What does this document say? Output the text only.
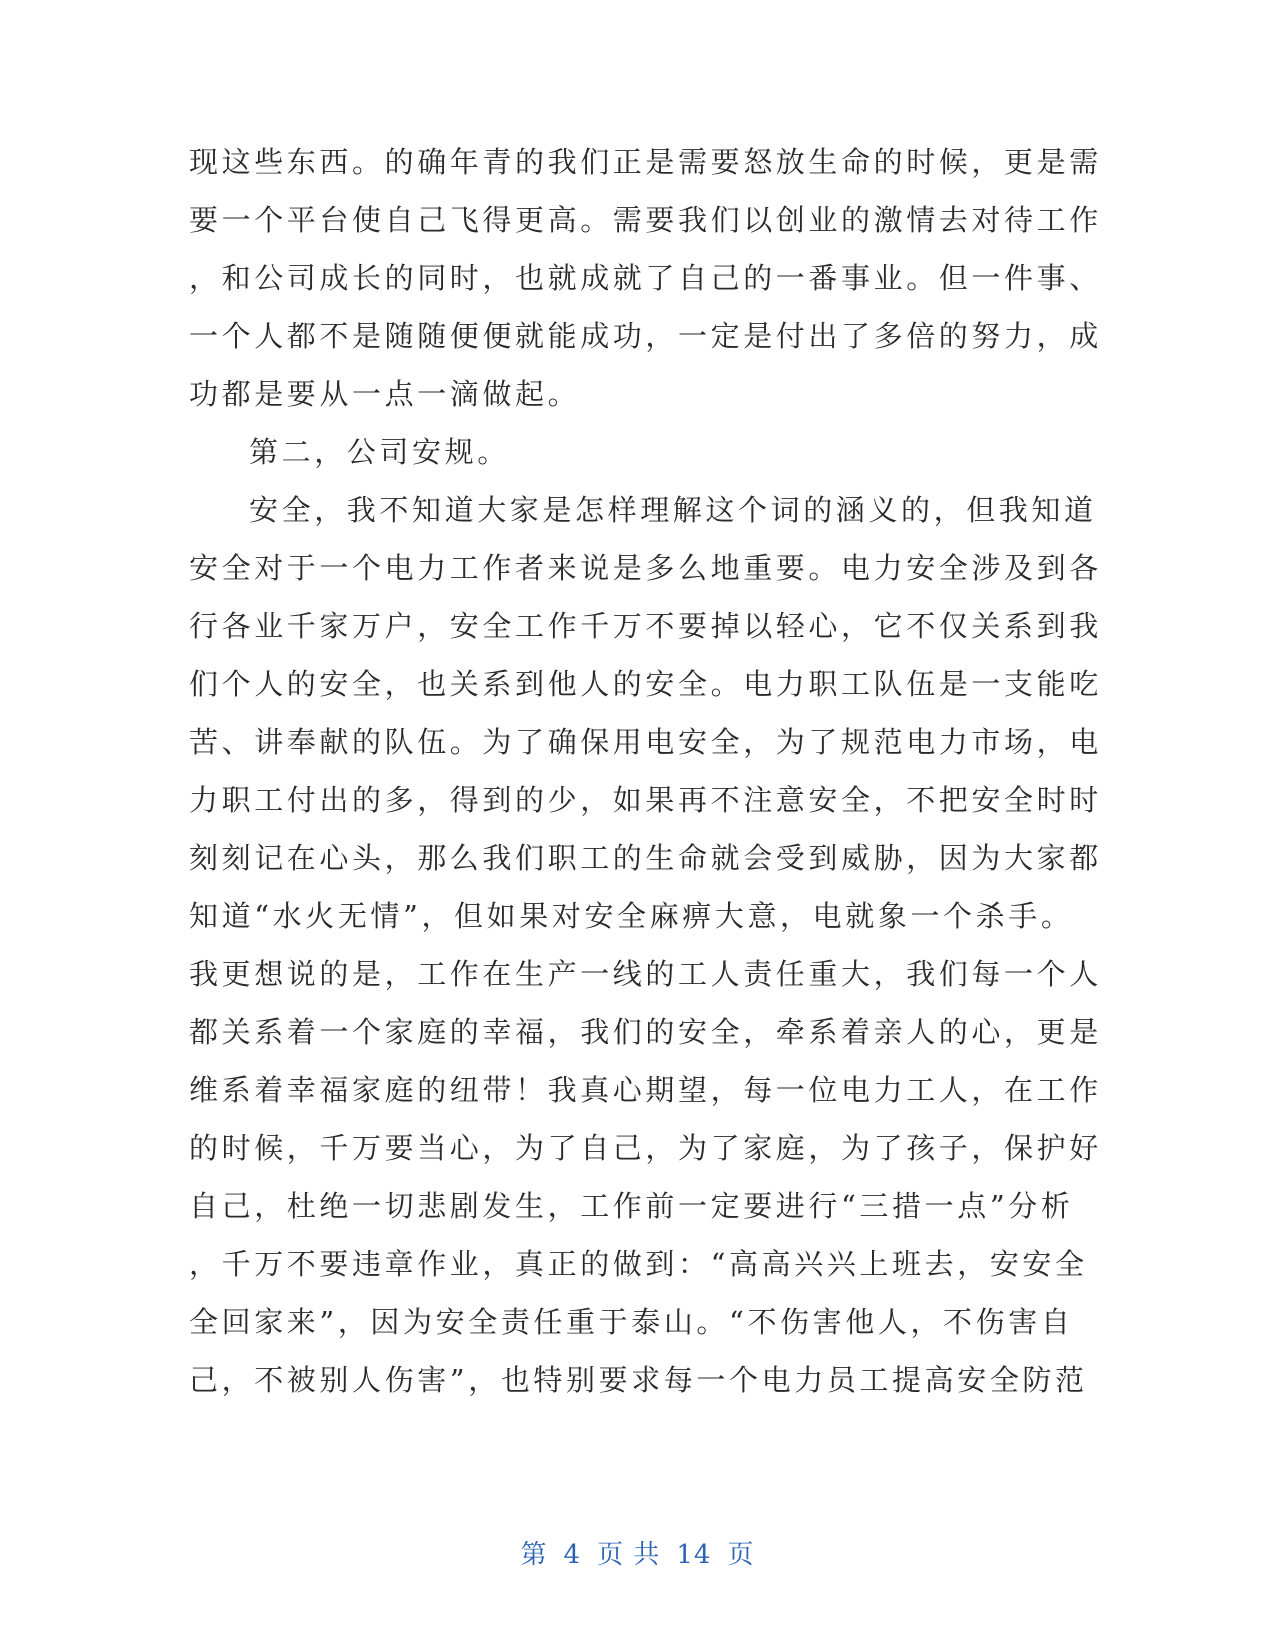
现这些东西。的确年青的我们正是需要怒放生命的时候，更是需
要一个平台使自己飞得更高。需要我们以创业的激情去对待工作
，和公司成长的同时，也就成就了自己的一番事业。但一件事、
一个人都不是随随便便就能成功，一定是付出了多倍的努力，成
功都是要从一点一滴做起。
第二，公司安规。
安全，我不知道大家是怎样理解这个词的涵义的，但我知道
安全对于一个电力工作者来说是多么地重要。电力安全涉及到各
行各业千家万户，安全工作千万不要掉以轻心，它不仅关系到我
们个人的安全，也关系到他人的安全。电力职工队伍是一支能吃
苦、讲奉献的队伍。为了确保用电安全，为了规范电力市场，电
力职工付出的多，得到的少，如果再不注意安全，不把安全时时
刻刻记在心头，那么我们职工的生命就会受到威胁，因为大家都
知道“水火无情”，但如果对安全麻痹大意，电就象一个杀手。
我更想说的是，工作在生产一线的工人责任重大，我们每一个人
都关系着一个家庭的幸福，我们的安全，牵系着亲人的心，更是
维系着幸福家庭的纽带！我真心期望，每一位电力工人，在工作
的时候，千万要当心，为了自己，为了家庭，为了孩子，保护好
自己，杜绝一切悲剧发生，工作前一定要进行“三措一点”分析
，千万不要违章作业，真正的做到：“高高兴兴上班去，安安全
全回家来”，因为安全责任重于泰山。“不伤害他人，不伤害自
己，不被别人伤害”，也特别要求每一个电力员工提高安全防范
第 4 页 共 14 页
